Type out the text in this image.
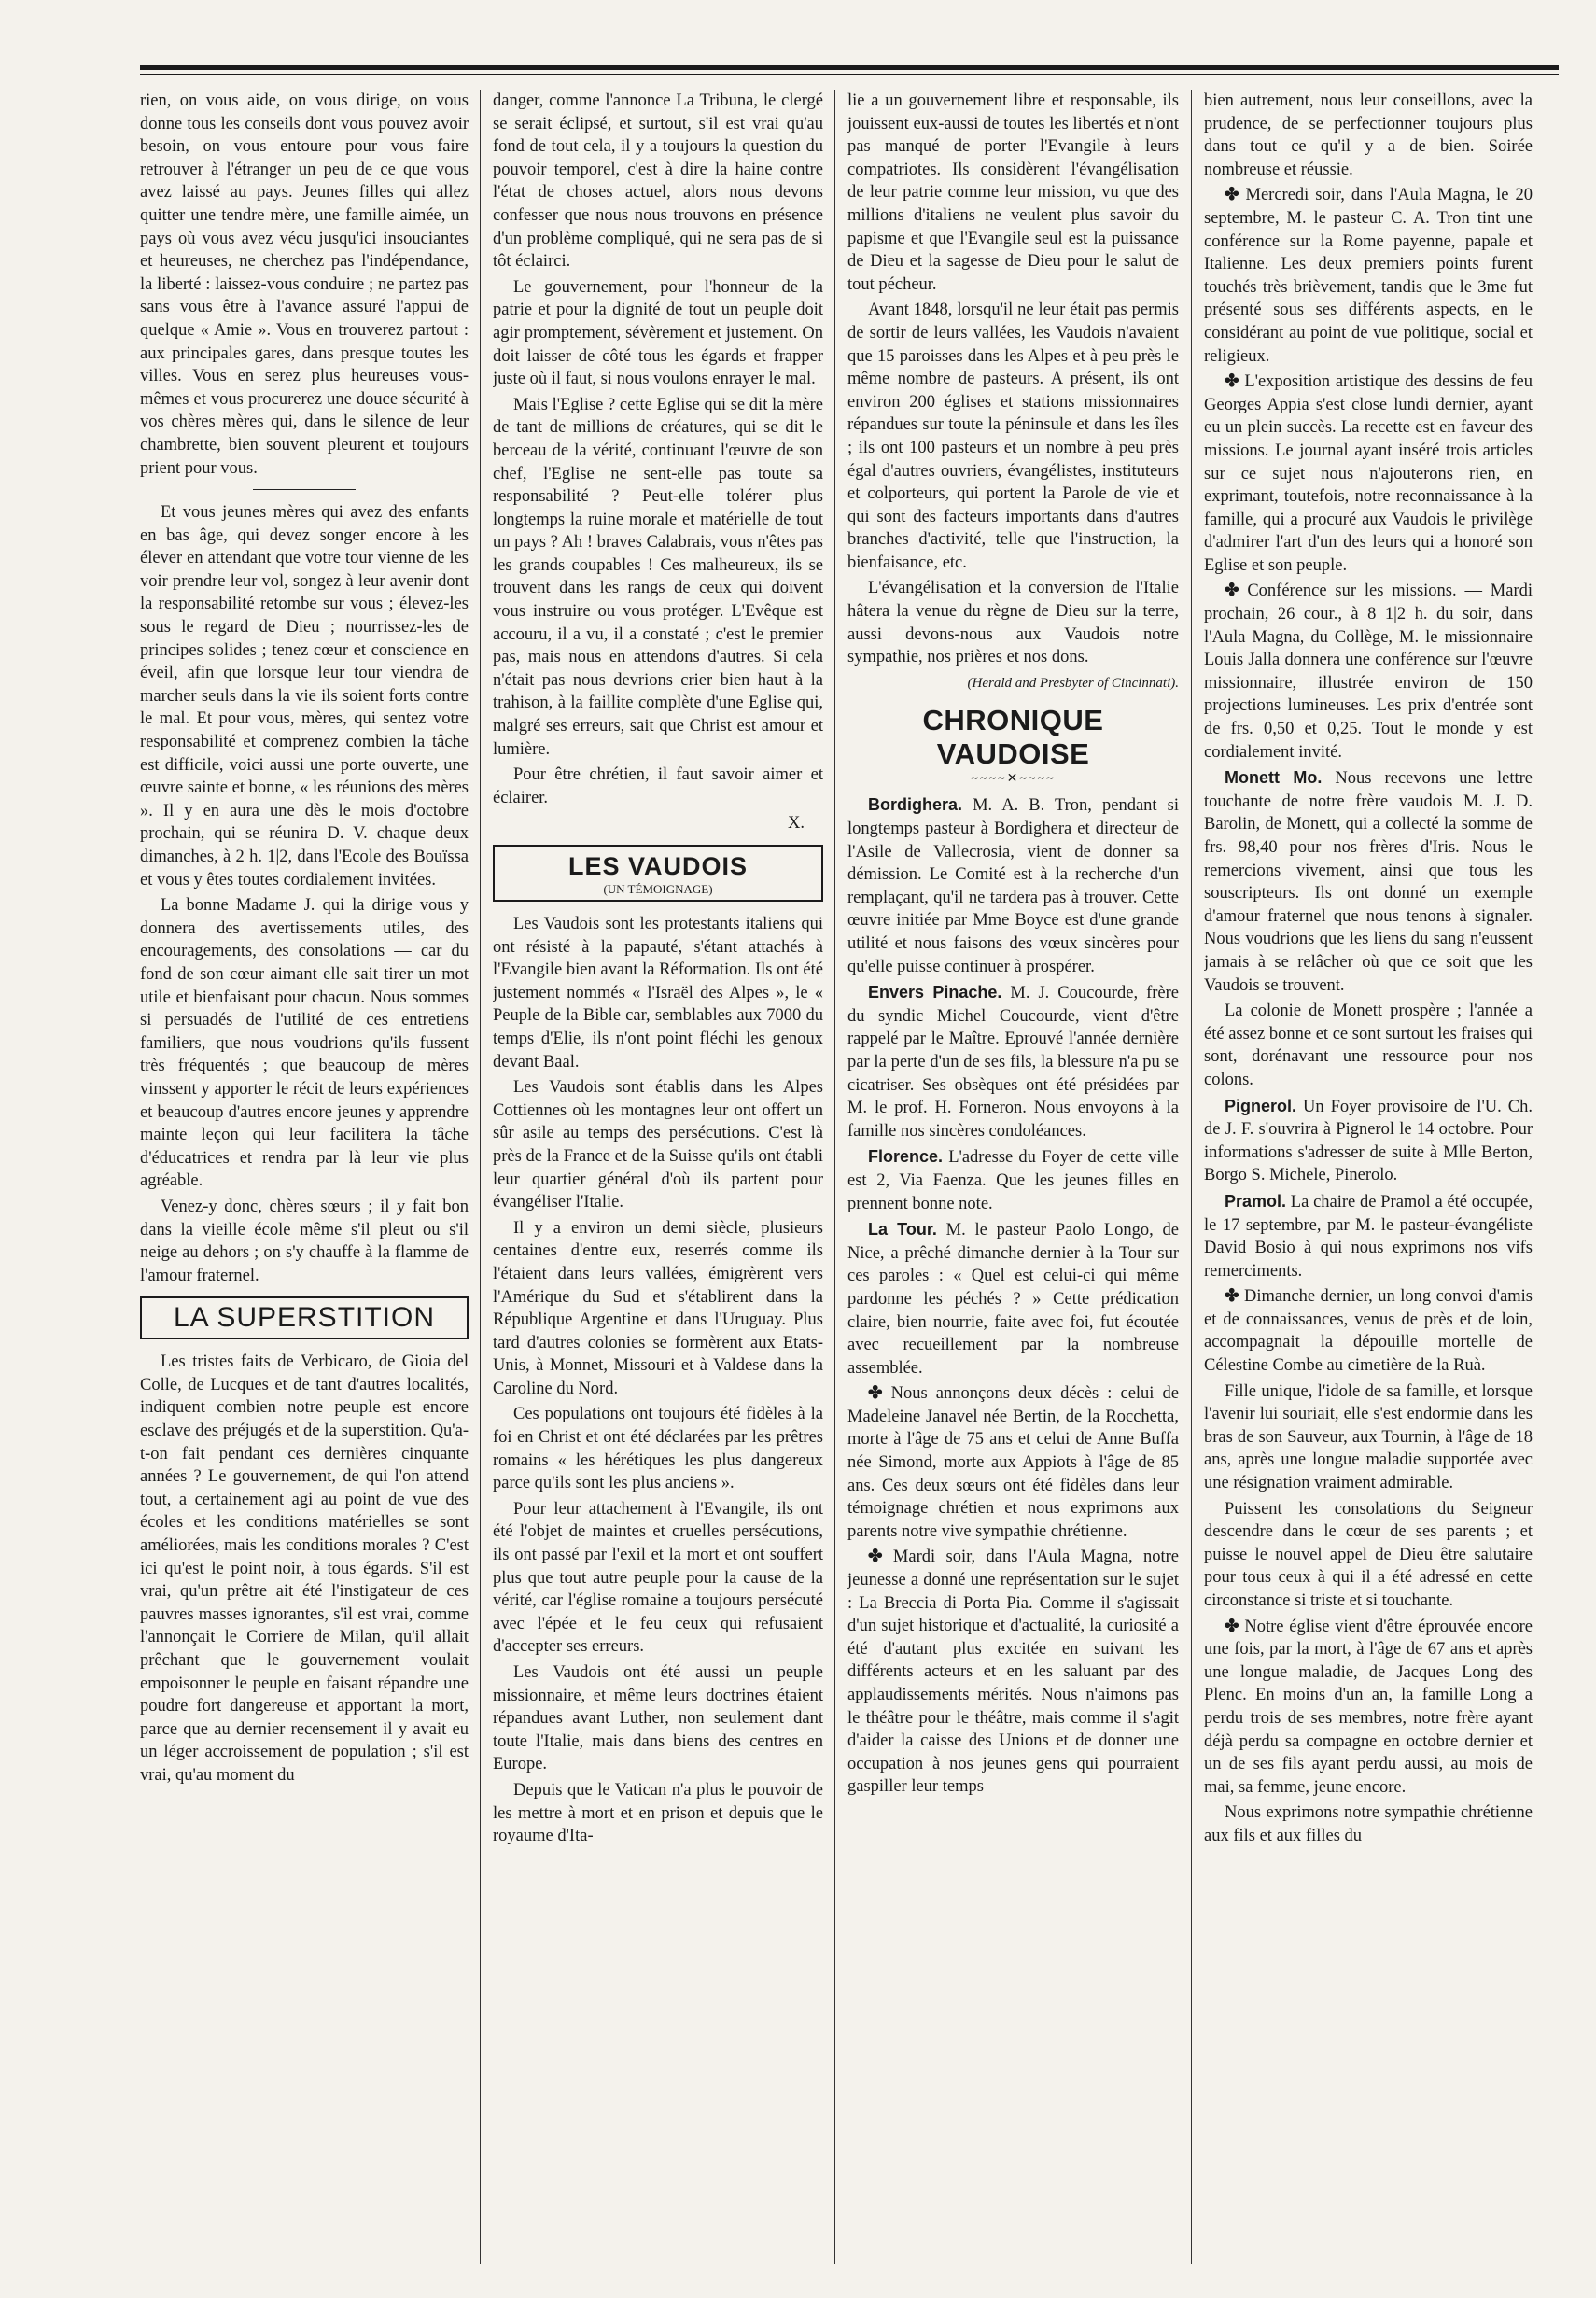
rien, on vous aide, on vous dirige, on vous donne tous les conseils dont vous pouvez avoir besoin, on vous entoure pour vous faire retrouver à l'étranger un peu de ce que vous avez laissé au pays. Jeunes filles qui allez quitter une tendre mère, une famille aimée, un pays où vous avez vécu jusqu'ici insouciantes et heureuses, ne cherchez pas l'indépendance, la liberté : laissez-vous conduire ; ne partez pas sans vous être à l'avance assuré l'appui de quelque « Amie ». Vous en trouverez partout : aux principales gares, dans presque toutes les villes. Vous en serez plus heureuses vous-mêmes et vous procurerez une douce sécurité à vos chères mères qui, dans le silence de leur chambrette, bien souvent pleurent et toujours prient pour vous.

Et vous jeunes mères qui avez des enfants en bas âge, qui devez songer encore à les élever en attendant que votre tour vienne de les voir prendre leur vol, songez à leur avenir dont la responsabilité retombe sur vous ; élevez-les sous le regard de Dieu ; nourrissez-les de principes solides ; tenez cœur et conscience en éveil, afin que lorsque leur tour viendra de marcher seuls dans la vie ils soient forts contre le mal. Et pour vous, mères, qui sentez votre responsabilité et comprenez combien la tâche est difficile, voici aussi une porte ouverte, une œuvre sainte et bonne, « les réunions des mères ». Il y en aura une dès le mois d'octobre prochain, qui se réunira D. V. chaque deux dimanches, à 2 h. 1|2, dans l'Ecole des Bouïssa et vous y êtes toutes cordialement invitées.

La bonne Madame J. qui la dirige vous y donnera des avertissements utiles, des encouragements, des consolations — car du fond de son cœur aimant elle sait tirer un mot utile et bienfaisant pour chacun. Nous sommes si persuadés de l'utilité de ces entretiens familiers, que nous voudrions qu'ils fussent très fréquentés ; que beaucoup de mères vinssent y apporter le récit de leurs expériences et beaucoup d'autres encore jeunes y apprendre mainte leçon qui leur facilitera la tâche d'éducatrices et rendra par là leur vie plus agréable.

Venez-y donc, chères sœurs ; il y fait bon dans la vieille école même s'il pleut ou s'il neige au dehors ; on s'y chauffe à la flamme de l'amour fraternel.

LA SUPERSTITION

Les tristes faits de Verbicaro, de Gioia del Colle, de Lucques et de tant d'autres localités, indiquent combien notre peuple est encore esclave des préjugés et de la superstition. Qu'a-t-on fait pendant ces dernières cinquante années ? Le gouvernement, de qui l'on attend tout, a certainement agi au point de vue des écoles et les conditions matérielles se sont améliorées, mais les conditions morales ? C'est ici qu'est le point noir, à tous égards. S'il est vrai, qu'un prêtre ait été l'instigateur de ces pauvres masses ignorantes, s'il est vrai, comme l'annonçait le Corriere de Milan, qu'il allait prêchant que le gouvernement voulait empoisonner le peuple en faisant répandre une poudre fort dangereuse et apportant la mort, parce que au dernier recensement il y avait eu un léger accroissement de population ; s'il est vrai, qu'au moment du

danger, comme l'annonce La Tribuna, le clergé se serait éclipsé, et surtout, s'il est vrai qu'au fond de tout cela, il y a toujours la question du pouvoir temporel, c'est à dire la haine contre l'état de choses actuel, alors nous devons confesser que nous nous trouvons en présence d'un problème compliqué, qui ne sera pas de si tôt éclairci.

Le gouvernement, pour l'honneur de la patrie et pour la dignité de tout un peuple doit agir promptement, sévèrement et justement. On doit laisser de côté tous les égards et frapper juste où il faut, si nous voulons enrayer le mal.

Mais l'Eglise ? cette Eglise qui se dit la mère de tant de millions de créatures, qui se dit le berceau de la vérité, continuant l'œuvre de son chef, l'Eglise ne sent-elle pas toute sa responsabilité ? Peut-elle tolérer plus longtemps la ruine morale et matérielle de tout un pays ? Ah ! braves Calabrais, vous n'êtes pas les grands coupables ! Ces malheureux, ils se trouvent dans les rangs de ceux qui doivent vous instruire ou vous protéger. L'Evêque est accouru, il a vu, il a constaté ; c'est le premier pas, mais nous en attendons d'autres. Si cela n'était pas nous devrions crier bien haut à la trahison, à la faillite complète d'une Eglise qui, malgré ses erreurs, sait que Christ est amour et lumière.

Pour être chrétien, il faut savoir aimer et éclairer.

X.
LES VAUDOIS
(UN TÉMOIGNAGE)

Les Vaudois sont les protestants italiens qui ont résisté à la papauté, s'étant attachés à l'Evangile bien avant la Réformation. Ils ont été justement nommés « l'Israël des Alpes », le « Peuple de la Bible car, semblables aux 7000 du temps d'Elie, ils n'ont point fléchi les genoux devant Baal.

Les Vaudois sont établis dans les Alpes Cottiennes où les montagnes leur ont offert un sûr asile au temps des persécutions. C'est là près de la France et de la Suisse qu'ils ont établi leur quartier général d'où ils partent pour évangéliser l'Italie.

Il y a environ un demi siècle, plusieurs centaines d'entre eux, reserrés comme ils l'étaient dans leurs vallées, émigrèrent vers l'Amérique du Sud et s'établirent dans la République Argentine et dans l'Uruguay. Plus tard d'autres colonies se formèrent aux Etats-Unis, à Monnet, Missouri et à Valdese dans la Caroline du Nord.

Ces populations ont toujours été fidèles à la foi en Christ et ont été déclarées par les prêtres romains « les hérétiques les plus dangereux parce qu'ils sont les plus anciens ».

Pour leur attachement à l'Evangile, ils ont été l'objet de maintes et cruelles persécutions, ils ont passé par l'exil et la mort et ont souffert plus que tout autre peuple pour la cause de la vérité, car l'église romaine a toujours persécuté avec l'épée et le feu ceux qui refusaient d'accepter ses erreurs.

Les Vaudois ont été aussi un peuple missionnaire, et même leurs doctrines étaient répandues avant Luther, non seulement dant toute l'Italie, mais dans biens des centres en Europe.

Depuis que le Vatican n'a plus le pouvoir de les mettre à mort et en prison et depuis que le royaume d'Ita-

lie a un gouvernement libre et responsable, ils jouissent eux-aussi de toutes les libertés et n'ont pas manqué de porter l'Evangile à leurs compatriotes. Ils considèrent l'évangélisation de leur patrie comme leur mission, vu que des millions d'italiens ne veulent plus savoir du papisme et que l'Evangile seul est la puissance de Dieu et la sagesse de Dieu pour le salut de tout pécheur.

Avant 1848, lorsqu'il ne leur était pas permis de sortir de leurs vallées, les Vaudois n'avaient que 15 paroisses dans les Alpes et à peu près le même nombre de pasteurs. A présent, ils ont environ 200 églises et stations missionnaires répandues sur toute la péninsule et dans les îles ; ils ont 100 pasteurs et un nombre à peu près égal d'autres ouvriers, évangélistes, instituteurs et colporteurs, qui portent la Parole de vie et qui sont des facteurs importants dans d'autres branches d'activité, telle que l'instruction, la bienfaisance, etc.

L'évangélisation et la conversion de l'Italie hâtera la venue du règne de Dieu sur la terre, aussi devons-nous aux Vaudois notre sympathie, nos prières et nos dons.

(Herald and Presbyter of Cincinnati).
CHRONIQUE VAUDOISE
~~~~✕~~~~

Bordighera. M. A. B. Tron, pendant si longtemps pasteur à Bordighera et directeur de l'Asile de Vallecrosia, vient de donner sa démission. Le Comité est à la recherche d'un remplaçant, qu'il ne tardera pas à trouver. Cette œuvre initiée par Mme Boyce est d'une grande utilité et nous faisons des vœux sincères pour qu'elle puisse continuer à prospérer.

Envers Pinache. M. J. Coucourde, frère du syndic Michel Coucourde, vient d'être rappelé par le Maître. Eprouvé l'année dernière par la perte d'un de ses fils, la blessure n'a pu se cicatriser. Ses obsèques ont été présidées par M. le prof. H. Forneron. Nous envoyons à la famille nos sincères condoléances.

Florence. L'adresse du Foyer de cette ville est 2, Via Faenza. Que les jeunes filles en prennent bonne note.

La Tour. M. le pasteur Paolo Longo, de Nice, a prêché dimanche dernier à la Tour sur ces paroles : « Quel est celui-ci qui même pardonne les péchés ? » Cette prédication claire, bien nourrie, faite avec foi, fut écoutée avec recueillement par la nombreuse assemblée.

✤ Nous annonçons deux décès : celui de Madeleine Janavel née Bertin, de la Rocchetta, morte à l'âge de 75 ans et celui de Anne Buffa née Simond, morte aux Appiots à l'âge de 85 ans. Ces deux sœurs ont été fidèles dans leur témoignage chrétien et nous exprimons aux parents notre vive sympathie chrétienne.

✤ Mardi soir, dans l'Aula Magna, notre jeunesse a donné une représentation sur le sujet : La Breccia di Porta Pia. Comme il s'agissait d'un sujet historique et d'actualité, la curiosité a été d'autant plus excitée en suivant les différents acteurs et en les saluant par des applaudissements mérités. Nous n'aimons pas le théâtre pour le théâtre, mais comme il s'agit d'aider la caisse des Unions et de donner une occupation à nos jeunes gens qui pourraient gaspiller leur temps

bien autrement, nous leur conseillons, avec la prudence, de se perfectionner toujours plus dans tout ce qu'il y a de bien. Soirée nombreuse et réussie.

✤ Mercredi soir, dans l'Aula Magna, le 20 septembre, M. le pasteur C. A. Tron tint une conférence sur la Rome payenne, papale et Italienne. Les deux premiers points furent touchés très brièvement, tandis que le 3me fut présenté sous ses différents aspects, en le considérant au point de vue politique, social et religieux.

✤ L'exposition artistique des dessins de feu Georges Appia s'est close lundi dernier, ayant eu un plein succès. La recette est en faveur des missions. Le journal ayant inséré trois articles sur ce sujet nous n'ajouterons rien, en exprimant, toutefois, notre reconnaissance à la famille, qui a procuré aux Vaudois le privilège d'admirer l'art d'un des leurs qui a honoré son Eglise et son peuple.

✤ Conférence sur les missions. — Mardi prochain, 26 cour., à 8 1|2 h. du soir, dans l'Aula Magna, du Collège, M. le missionnaire Louis Jalla donnera une conférence sur l'œuvre missionnaire, illustrée environ de 150 projections lumineuses. Les prix d'entrée sont de frs. 0,50 et 0,25. Tout le monde y est cordialement invité.

Monett Mo. Nous recevons une lettre touchante de notre frère vaudois M. J. D. Barolin, de Monett, qui a collecté la somme de frs. 98,40 pour nos frères d'Iris. Nous le remercions vivement, ainsi que tous les souscripteurs. Ils ont donné un exemple d'amour fraternel que nous tenons à signaler. Nous voudrions que les liens du sang n'eussent jamais à se relâcher où que ce soit que les Vaudois se trouvent.

La colonie de Monett prospère ; l'année a été assez bonne et ce sont surtout les fraises qui sont, dorénavant une ressource pour nos colons.

Pignerol. Un Foyer provisoire de l'U. Ch. de J. F. s'ouvrira à Pignerol le 14 octobre. Pour informations s'adresser de suite à Mlle Berton, Borgo S. Michele, Pinerolo.

Pramol. La chaire de Pramol a été occupée, le 17 septembre, par M. le pasteur-évangéliste David Bosio à qui nous exprimons nos vifs remerciments.

✤ Dimanche dernier, un long convoi d'amis et de connaissances, venus de près et de loin, accompagnait la dépouille mortelle de Célestine Combe au cimetière de la Ruà.

Fille unique, l'idole de sa famille, et lorsque l'avenir lui souriait, elle s'est endormie dans les bras de son Sauveur, aux Tournin, à l'âge de 18 ans, après une longue maladie supportée avec une résignation vraiment admirable.

Puissent les consolations du Seigneur descendre dans le cœur de ses parents ; et puisse le nouvel appel de Dieu être salutaire pour tous ceux à qui il a été adressé en cette circonstance si triste et si touchante.

✤ Notre église vient d'être éprouvée encore une fois, par la mort, à l'âge de 67 ans et après une longue maladie, de Jacques Long des Plenc. En moins d'un an, la famille Long a perdu trois de ses membres, notre frère ayant déjà perdu sa compagne en octobre dernier et un de ses fils ayant perdu aussi, au mois de mai, sa femme, jeune encore.

Nous exprimons notre sympathie chrétienne aux fils et aux filles du
